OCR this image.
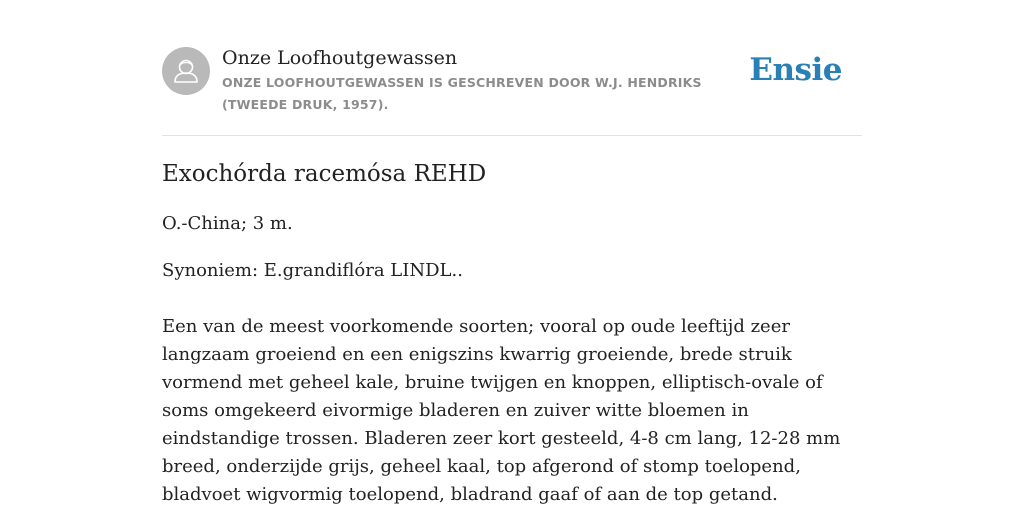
Onze Loofhoutgewassen

ONZE LOOFHOUTGEWASSEN IS GESCHREVEN DOOR W.J. HENDRIKS (TWEEDE DRUK, 1957).

Ensie
Exochórda racemósa REHD

O.-China; 3 m.

Synoniem: E.grandiflóra LINDL..

Een van de meest voorkomende soorten; vooral op oude leeftijd zeer langzaam groeiend en een enigszins kwarrig groeiende, brede struik vormend met geheel kale, bruine twijgen en knoppen, elliptisch-ovale of soms omgekeerd eivormige bladeren en zuiver witte bloemen in eindstandige trossen. Bladeren zeer kort gesteeld, 4-8 cm lang, 12-28 mm breed, onderzijde grijs, geheel kaal, top afgerond of stomp toelopend, bladvoet wigvormig toelopend, bladrand gaaf of aan de top getand.
